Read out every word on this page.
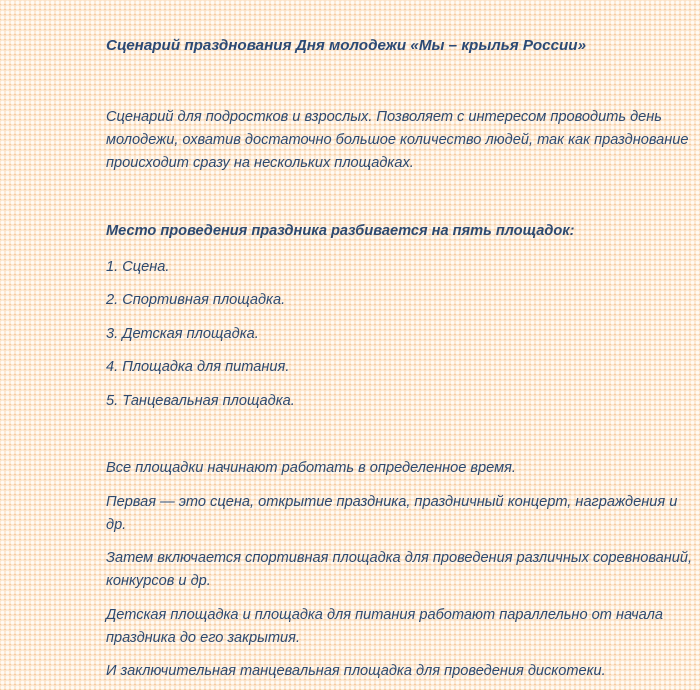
Сценарий празднования Дня молодежи «Мы – крылья России»

Сценарий для подростков и взрослых. Позволяет с интересом проводить день молодежи, охватив достаточно большое количество людей, так как празднование происходит сразу на нескольких площадках.

Место проведения праздника разбивается на пять площадок:

1. Сцена.

2. Спортивная площадка.

3. Детская площадка.

4. Площадка для питания.

5. Танцевальная площадка.

Все площадки начинают работать в определенное время.

Первая — это сцена, открытие праздника, праздничный концерт, награждения и др.

Затем включается спортивная площадка для проведения различных соревнований, конкурсов и др.

Детская площадка и площадка для питания работают параллельно от начала праздника до его закрытия.

И заключительная танцевальная площадка для проведения дискотеки.
